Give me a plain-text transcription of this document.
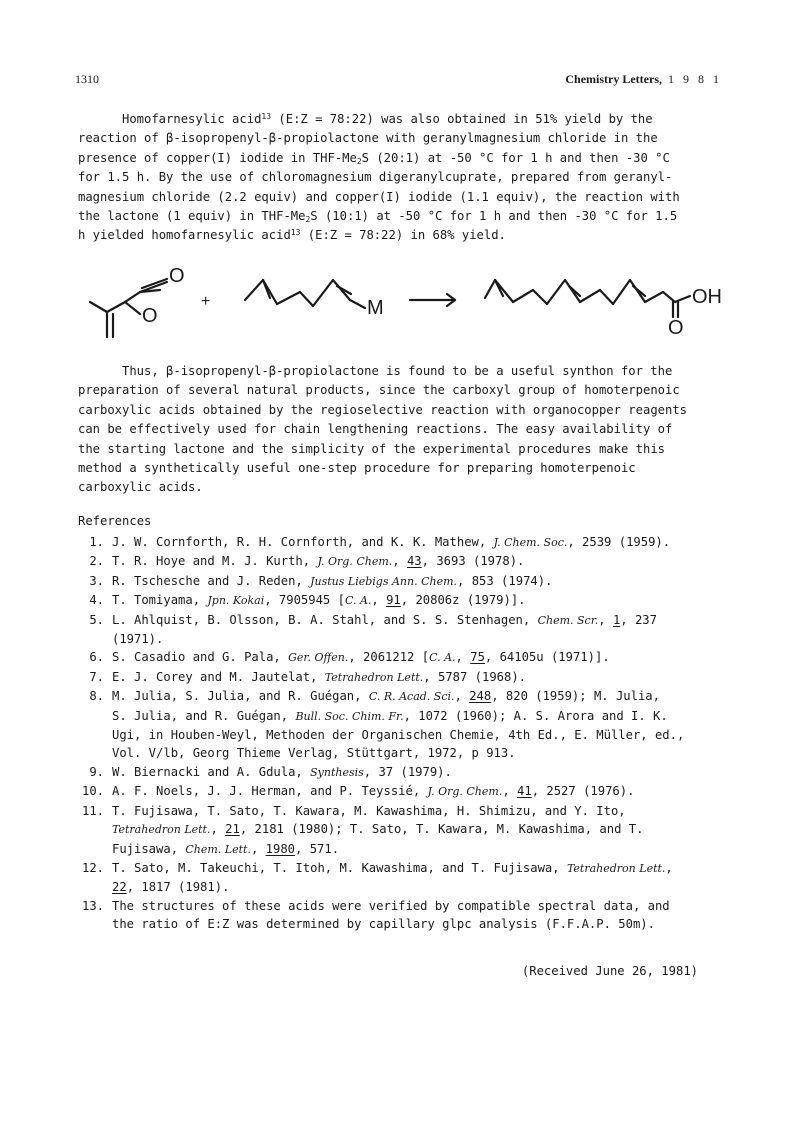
1310	Chemistry Letters, 1 9 8 1

Homofarnesylic acid$^{13}$ (E:Z = 78:22) was also obtained in 51% yield by the
reaction of β-isopropenyl-β-propiolactone with geranylmagnesium chloride in the
presence of copper(I) iodide in THF-$Me_2S$ (20:1) at -50 °C for 1 h and then -30 °C
for 1.5 h. By the use of chloromagnesium digeranylcuprate, prepared from geranyl-
magnesium chloride (2.2 equiv) and copper(I) iodide (1.1 equiv), the reaction with
the lactone (1 equiv) in THF-$Me_2S$ (10:1) at -50 °C for 1 h and then -30 °C for 1.5
h yielded homofarnesylic acid$^{13}$ (E:Z = 78:22) in 68% yield.

O
O
+	M	OH
O

Thus, β-isopropenyl-β-propiolactone is found to be a useful synthon for the
preparation of several natural products, since the carboxyl group of homoterpenoic
carboxylic acids obtained by the regioselective reaction with organocopper reagents
can be effectively used for chain lengthening reactions. The easy availability of
the starting lactone and the simplicity of the experimental procedures make this
method a synthetically useful one-step procedure for preparing homoterpenoic
carboxylic acids.

References
1. J. W. Cornforth, R. H. Cornforth, and K. K. Mathew, J. Chem. Soc., 2539 (1959).
2. T. R. Hoye and M. J. Kurth, J. Org. Chem., 43, 3693 (1978).
3. R. Tschesche and J. Reden, Justus Liebigs Ann. Chem., 853 (1974).
4. T. Tomiyama, Jpn. Kokai, 7905945 [C. A., 91, 20806z (1979)].
5. L. Ahlquist, B. Olsson, B. A. Stahl, and S. S. Stenhagen, Chem. Scr., 1, 237
(1971).
6. S. Casadio and G. Pala, Ger. Offen., 2061212 [C. A., 75, 64105u (1971)].
7. E. J. Corey and M. Jautelat, Tetrahedron Lett., 5787 (1968).
8. M. Julia, S. Julia, and R. Guégan, C. R. Acad. Sci., 248, 820 (1959); M. Julia,
S. Julia, and R. Guégan, Bull. Soc. Chim. Fr., 1072 (1960); A. S. Arora and I. K.
Ugi, in Houben-Weyl, Methoden der Organischen Chemie, 4th Ed., E. Müller, ed.,
Vol. V/lb, Georg Thieme Verlag, Stüttgart, 1972, p 913.
9. W. Biernacki and A. Gdula, Synthesis, 37 (1979).
10. A. F. Noels, J. J. Herman, and P. Teyssié, J. Org. Chem., 41, 2527 (1976).
11. T. Fujisawa, T. Sato, T. Kawara, M. Kawashima, H. Shimizu, and Y. Ito,
Tetrahedron Lett., 21, 2181 (1980); T. Sato, T. Kawara, M. Kawashima, and T.
Fujisawa, Chem. Lett., 1980, 571.
12. T. Sato, M. Takeuchi, T. Itoh, M. Kawashima, and T. Fujisawa, Tetrahedron Lett.,
22, 1817 (1981).
13. The structures of these acids were verified by compatible spectral data, and
the ratio of E:Z was determined by capillary glpc analysis (F.F.A.P. 50m).
(Received June 26, 1981)
